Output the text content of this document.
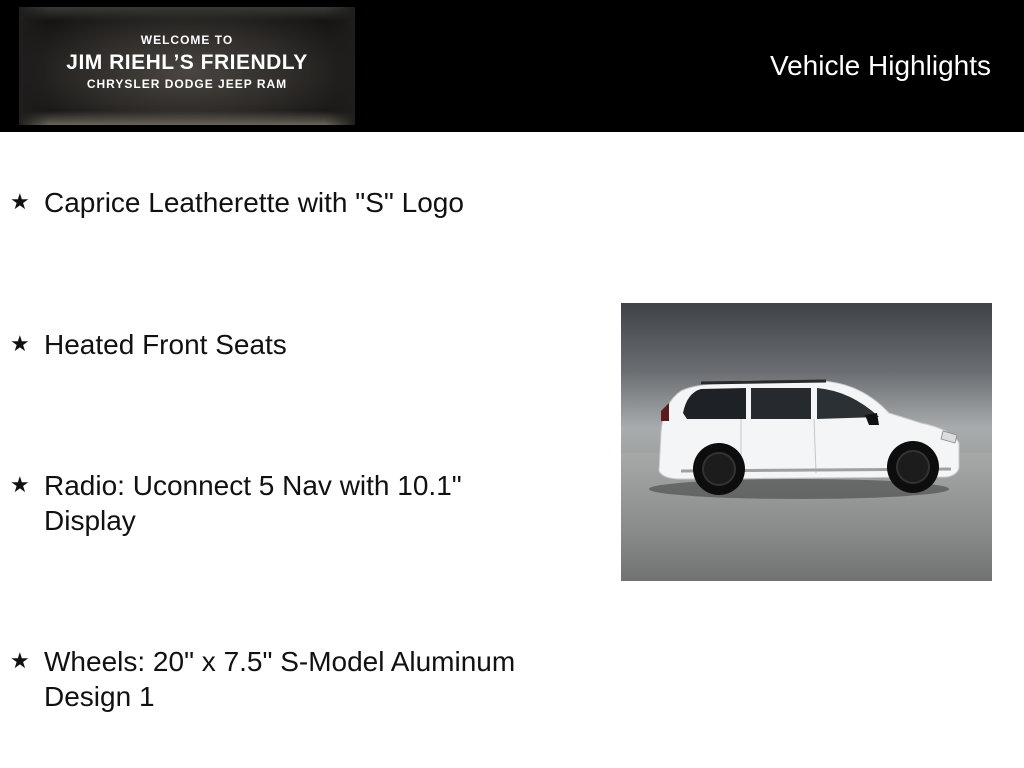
WELCOME TO
JIM RIEHL’S FRIENDLY
CHRYSLER DODGE JEEP RAM
Vehicle Highlights
★ Caprice Leatherette with "S" Logo
★ Heated Front Seats
★ Radio: Uconnect 5 Nav with 10.1" Display
★ Wheels: 20" x 7.5" S-Model Aluminum Design 1
